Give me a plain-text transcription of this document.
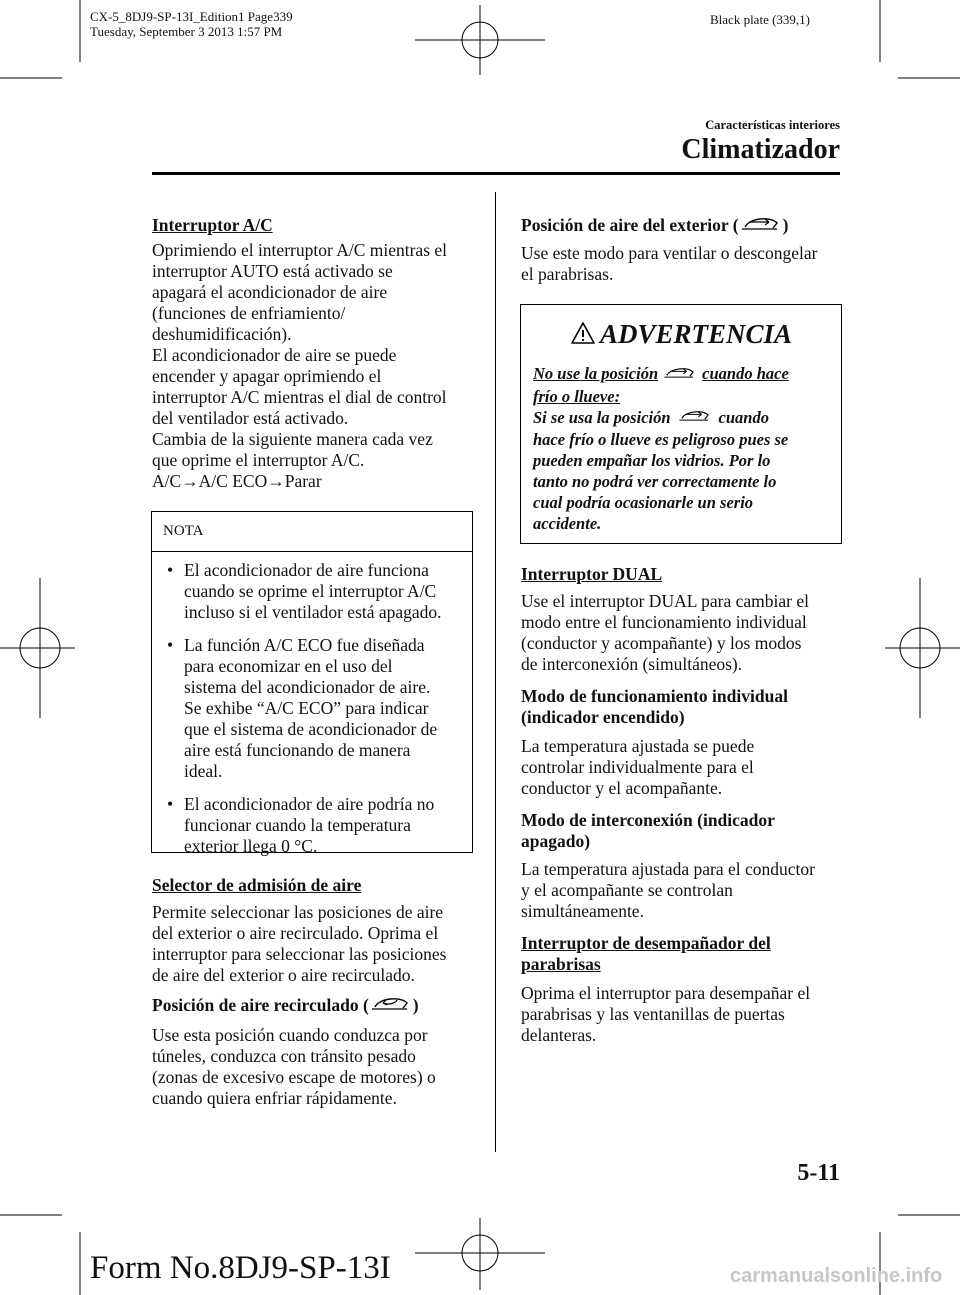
CX-5_8DJ9-SP-13I_Edition1 Page339
Tuesday, September 3 2013 1:57 PM
Black plate (339,1)
Características interiores
Climatizador
Interruptor A/C
Oprimiendo el interruptor A/C mientras el
interruptor AUTO está activado se
apagará el acondicionador de aire
(funciones de enfriamiento/
deshumidificación).
El acondicionador de aire se puede
encender y apagar oprimiendo el
interruptor A/C mientras el dial de control
del ventilador está activado.
Cambia de la siguiente manera cada vez
que oprime el interruptor A/C.
A/C→A/C ECO→Parar
NOTA
• El acondicionador de aire funciona
cuando se oprime el interruptor A/C
incluso si el ventilador está apagado.
• La función A/C ECO fue diseñada
para economizar en el uso del
sistema del acondicionador de aire.
Se exhibe “A/C ECO” para indicar
que el sistema de acondicionador de
aire está funcionando de manera
ideal.
• El acondicionador de aire podría no
funcionar cuando la temperatura
exterior llega 0 °C.
Selector de admisión de aire
Permite seleccionar las posiciones de aire
del exterior o aire recirculado. Oprima el
interruptor para seleccionar las posiciones
de aire del exterior o aire recirculado.
Posición de aire recirculado (	)
Use esta posición cuando conduzca por
túneles, conduzca con tránsito pesado
(zonas de excesivo escape de motores) o
cuando quiera enfriar rápidamente.
Posición de aire del exterior (	)
Use este modo para ventilar o descongelar
el parabrisas.
ADVERTENCIA
No use la posición	cuando hace
frío o llueve:
Si se usa la posición	cuando
hace frío o llueve es peligroso pues se
pueden empañar los vidrios. Por lo
tanto no podrá ver correctamente lo
cual podría ocasionarle un serio
accidente.
Interruptor DUAL
Use el interruptor DUAL para cambiar el
modo entre el funcionamiento individual
(conductor y acompañante) y los modos
de interconexión (simultáneos).
Modo de funcionamiento individual
(indicador encendido)
La temperatura ajustada se puede
controlar individualmente para el
conductor y el acompañante.
Modo de interconexión (indicador
apagado)
La temperatura ajustada para el conductor
y el acompañante se controlan
simultáneamente.
Interruptor de desempañador del
parabrisas
Oprima el interruptor para desempañar el
parabrisas y las ventanillas de puertas
delanteras.
5-11
Form No.8DJ9-SP-13I	carmanualsonline.info
